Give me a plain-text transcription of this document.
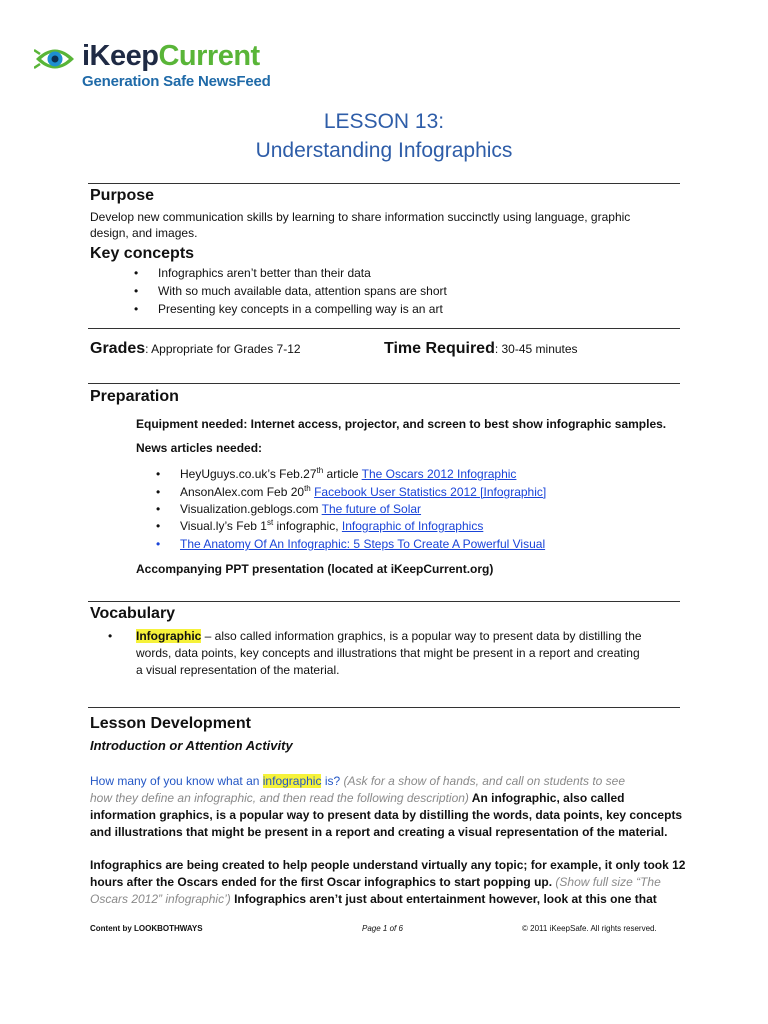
iKeepCurrent
Generation Safe NewsFeed
LESSON 13:
Understanding Infographics
Purpose
Develop new communication skills by learning to share information succinctly using language, graphic
design, and images.
Key concepts
• Infographics aren’t better than their data
• With so much available data, attention spans are short
• Presenting key concepts in a compelling way is an art
Grades: Appropriate for Grades 7-12	Time Required: 30-45 minutes
Preparation
Equipment needed: Internet access, projector, and screen to best show infographic samples.
News articles needed:
• HeyUguys.co.uk’s Feb.27th article The Oscars 2012 Infographic
• AnsonAlex.com Feb 20th Facebook User Statistics 2012 [Infographic]
• Visualization.geblogs.com The future of Solar
• Visual.ly’s Feb 1st infographic, Infographic of Infographics
• The Anatomy Of An Infographic: 5 Steps To Create A Powerful Visual
Accompanying PPT presentation (located at iKeepCurrent.org)
Vocabulary
• Infographic – also called information graphics, is a popular way to present data by distilling the
words, data points, key concepts and illustrations that might be present in a report and creating
a visual representation of the material.
Lesson Development
Introduction or Attention Activity
How many of you know what an infographic is? (Ask for a show of hands, and call on students to see
how they define an infographic, and then read the following description) An infographic, also called
information graphics, is a popular way to present data by distilling the words, data points, key concepts
and illustrations that might be present in a report and creating a visual representation of the material.
Infographics are being created to help people understand virtually any topic; for example, it only took 12
hours after the Oscars ended for the first Oscar infographics to start popping up. (Show full size “The
Oscars 2012” infographic’) Infographics aren’t just about entertainment however, look at this one that
Content by LOOKBOTHWAYS	Page 1 of 6	© 2011 iKeepSafe. All rights reserved.
